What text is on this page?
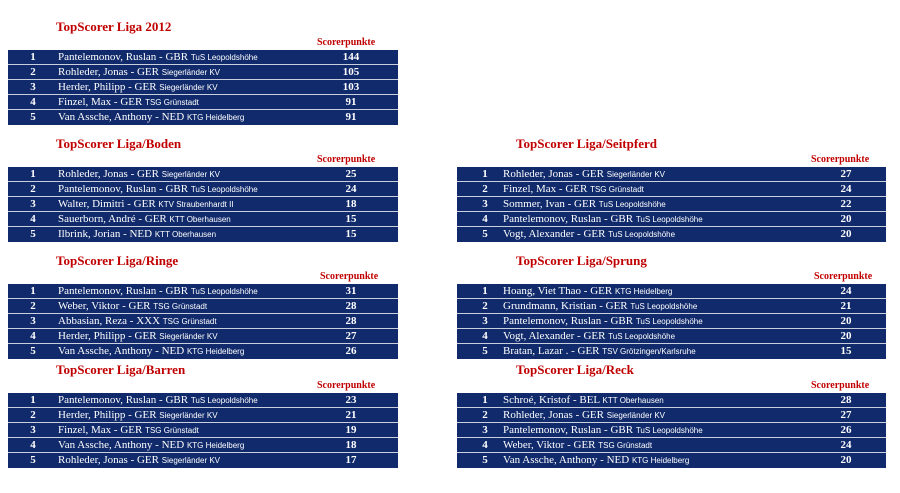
TopScorer Liga 2012
Scorerpunkte
1	Pantelemonov, Ruslan - GBR TuS Leopoldshöhe	144
2	Rohleder, Jonas - GER Siegerländer KV	105
3	Herder, Philipp - GER Siegerländer KV	103
4	Finzel, Max - GER TSG Grünstadt	91
5	Van Assche, Anthony - NED KTG Heidelberg	91
TopScorer Liga/Boden
Scorerpunkte
1	Rohleder, Jonas - GER Siegerländer KV	25
2	Pantelemonov, Ruslan - GBR TuS Leopoldshöhe	24
3	Walter, Dimitri - GER KTV Straubenhardt II	18
4	Sauerborn, André - GER KTT Oberhausen	15
5	Ilbrink, Jorian - NED KTT Oberhausen	15
TopScorer Liga/Seitpferd
Scorerpunkte
1	Rohleder, Jonas - GER Siegerländer KV	27
2	Finzel, Max - GER TSG Grünstadt	24
3	Sommer, Ivan - GER TuS Leopoldshöhe	22
4	Pantelemonov, Ruslan - GBR TuS Leopoldshöhe	20
5	Vogt, Alexander - GER TuS Leopoldshöhe	20
TopScorer Liga/Ringe
Scorerpunkte
1	Pantelemonov, Ruslan - GBR TuS Leopoldshöhe	31
2	Weber, Viktor - GER TSG Grünstadt	28
3	Abbasian, Reza - XXX TSG Grünstadt	28
4	Herder, Philipp - GER Siegerländer KV	27
5	Van Assche, Anthony - NED KTG Heidelberg	26
TopScorer Liga/Sprung
Scorerpunkte
1	Hoang, Viet Thao - GER KTG Heidelberg	24
2	Grundmann, Kristian - GER TuS Leopoldshöhe	21
3	Pantelemonov, Ruslan - GBR TuS Leopoldshöhe	20
4	Vogt, Alexander - GER TuS Leopoldshöhe	20
5	Bratan, Lazar . - GER TSV Grötzingen/Karlsruhe	15
TopScorer Liga/Barren
Scorerpunkte
1	Pantelemonov, Ruslan - GBR TuS Leopoldshöhe	23
2	Herder, Philipp - GER Siegerländer KV	21
3	Finzel, Max - GER TSG Grünstadt	19
4	Van Assche, Anthony - NED KTG Heidelberg	18
5	Rohleder, Jonas - GER Siegerländer KV	17
TopScorer Liga/Reck
Scorerpunkte
1	Schroé, Kristof - BEL KTT Oberhausen	28
2	Rohleder, Jonas - GER Siegerländer KV	27
3	Pantelemonov, Ruslan - GBR TuS Leopoldshöhe	26
4	Weber, Viktor - GER TSG Grünstadt	24
5	Van Assche, Anthony - NED KTG Heidelberg	20
